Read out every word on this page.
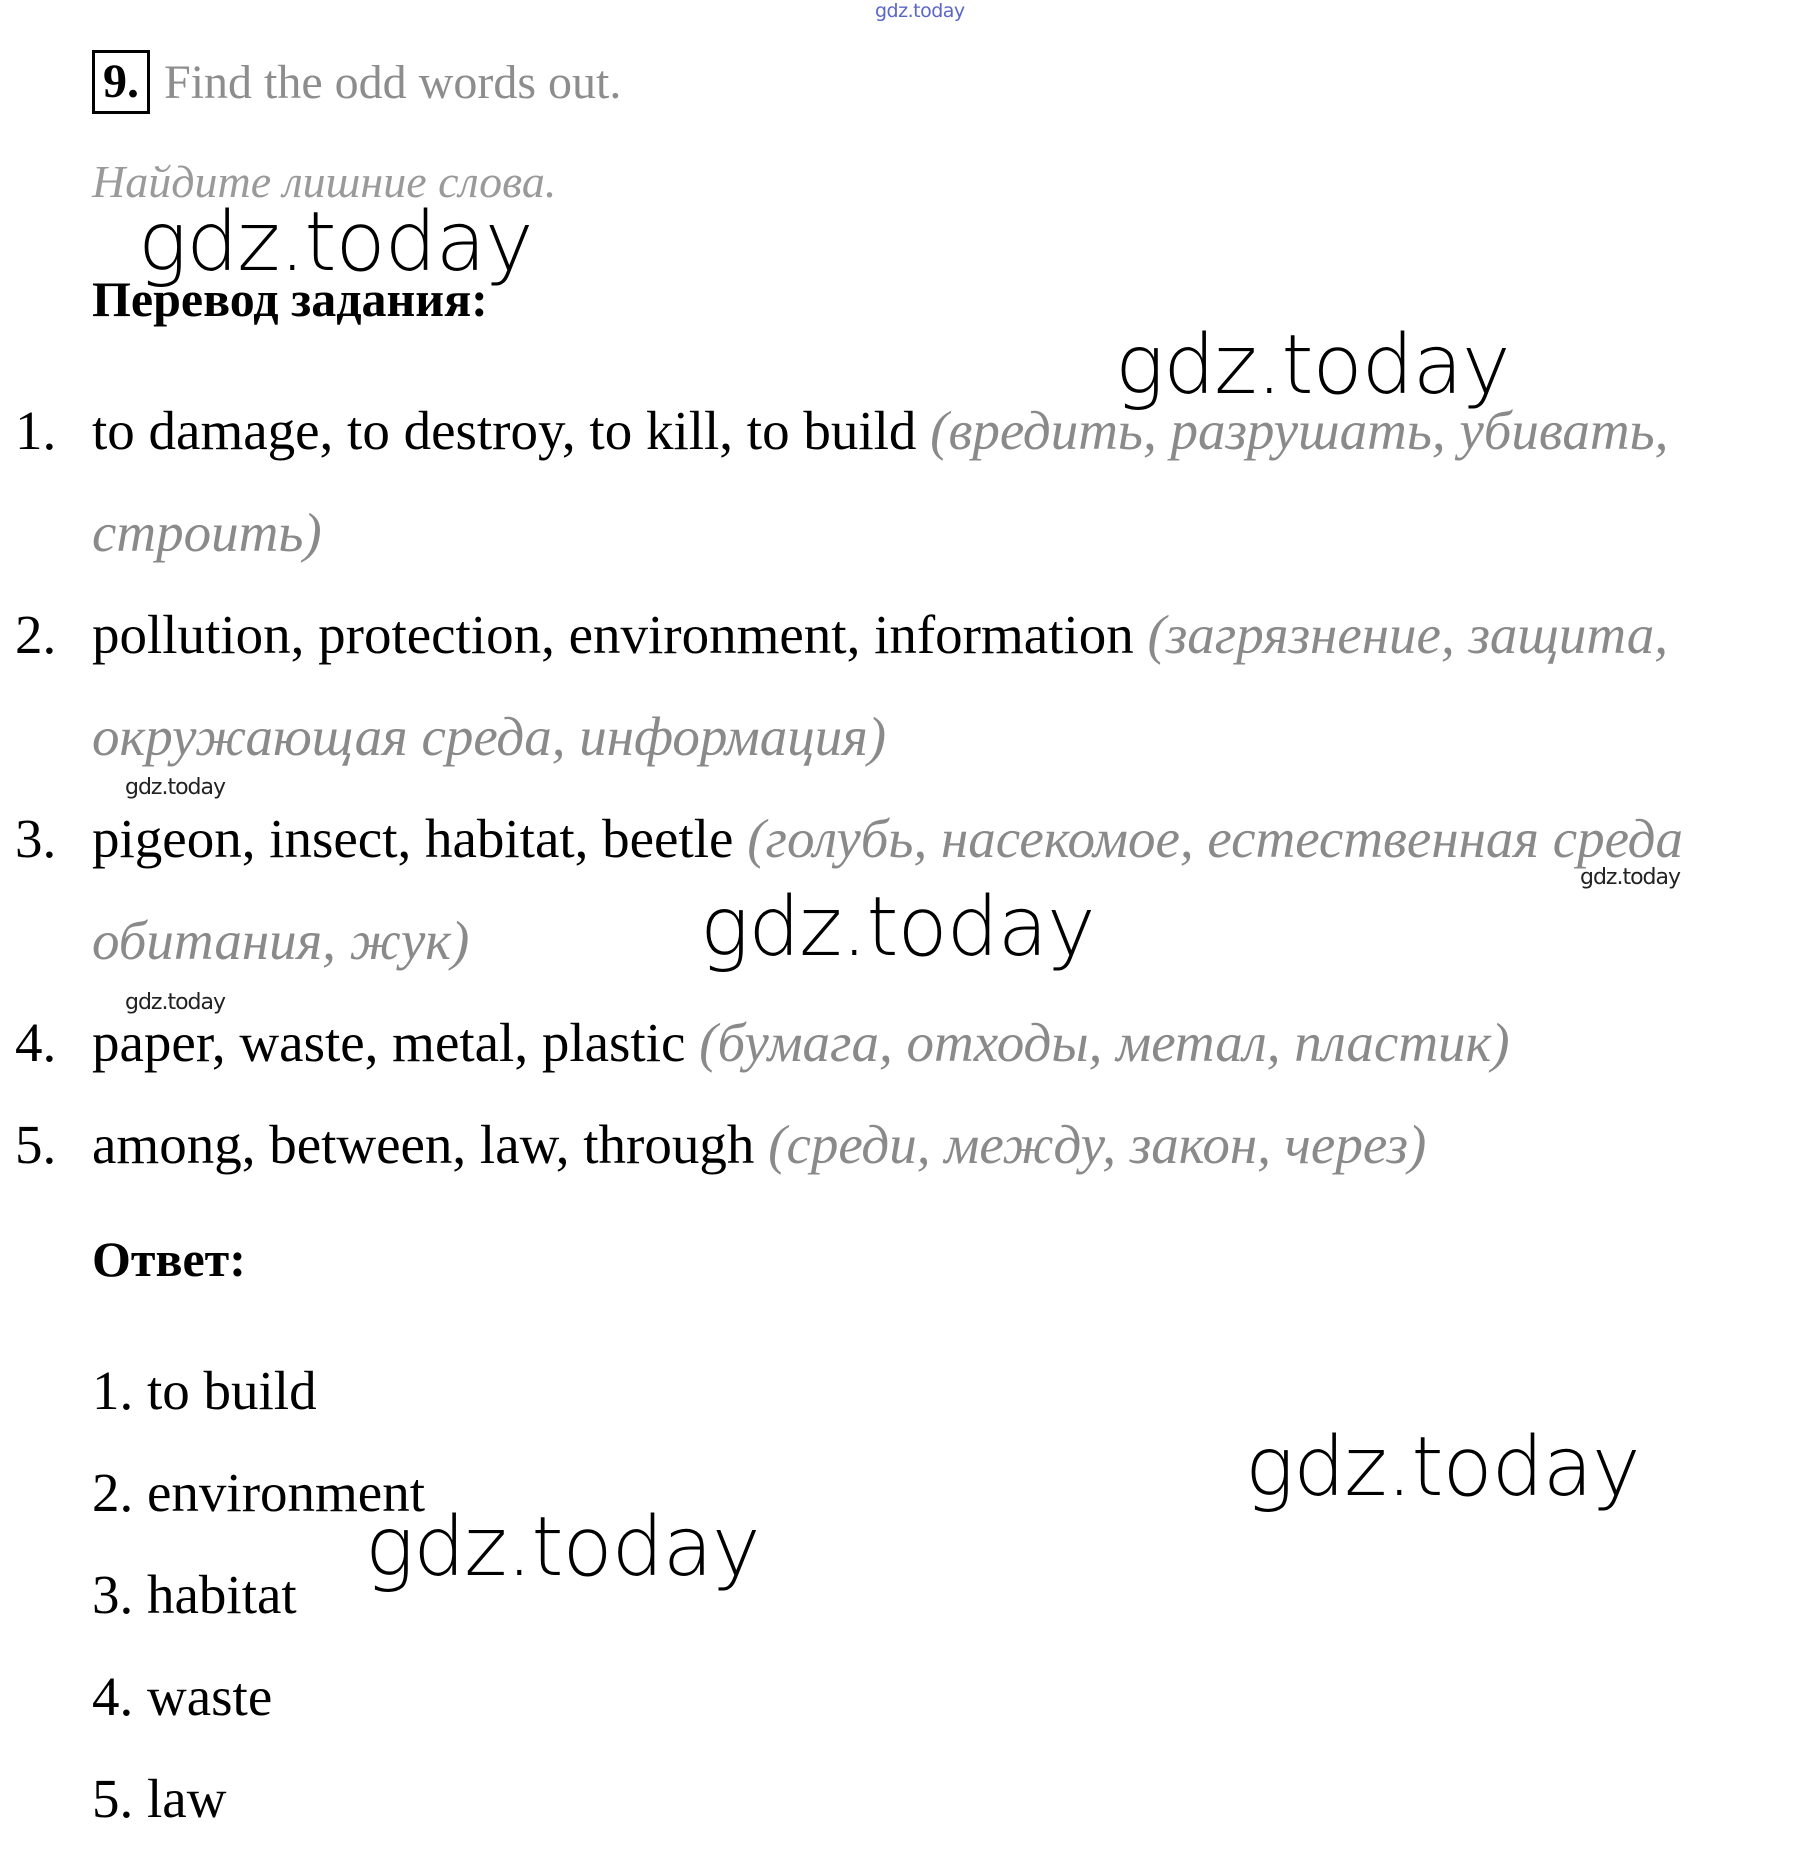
gdz.today
9. Find the odd words out.
Найдите лишние слова.
Перевод задания:
1. to damage, to destroy, to kill, to build (вредить, разрушать, убивать, строить)
2. pollution, protection, environment, information (загрязнение, защита, окружающая среда, информация)
3. pigeon, insect, habitat, beetle (голубь, насекомое, естественная среда обитания, жук)
4. paper, waste, metal, plastic (бумага, отходы, метал, пластик)
5. among, between, law, through (среди, между, закон, через)
Ответ:
1. to build
2. environment
3. habitat
4. waste
5. law
gdz.today
gdz.today
gdz.today
gdz.today
gdz.today
gdz.today
gdz.today
gdz.today
